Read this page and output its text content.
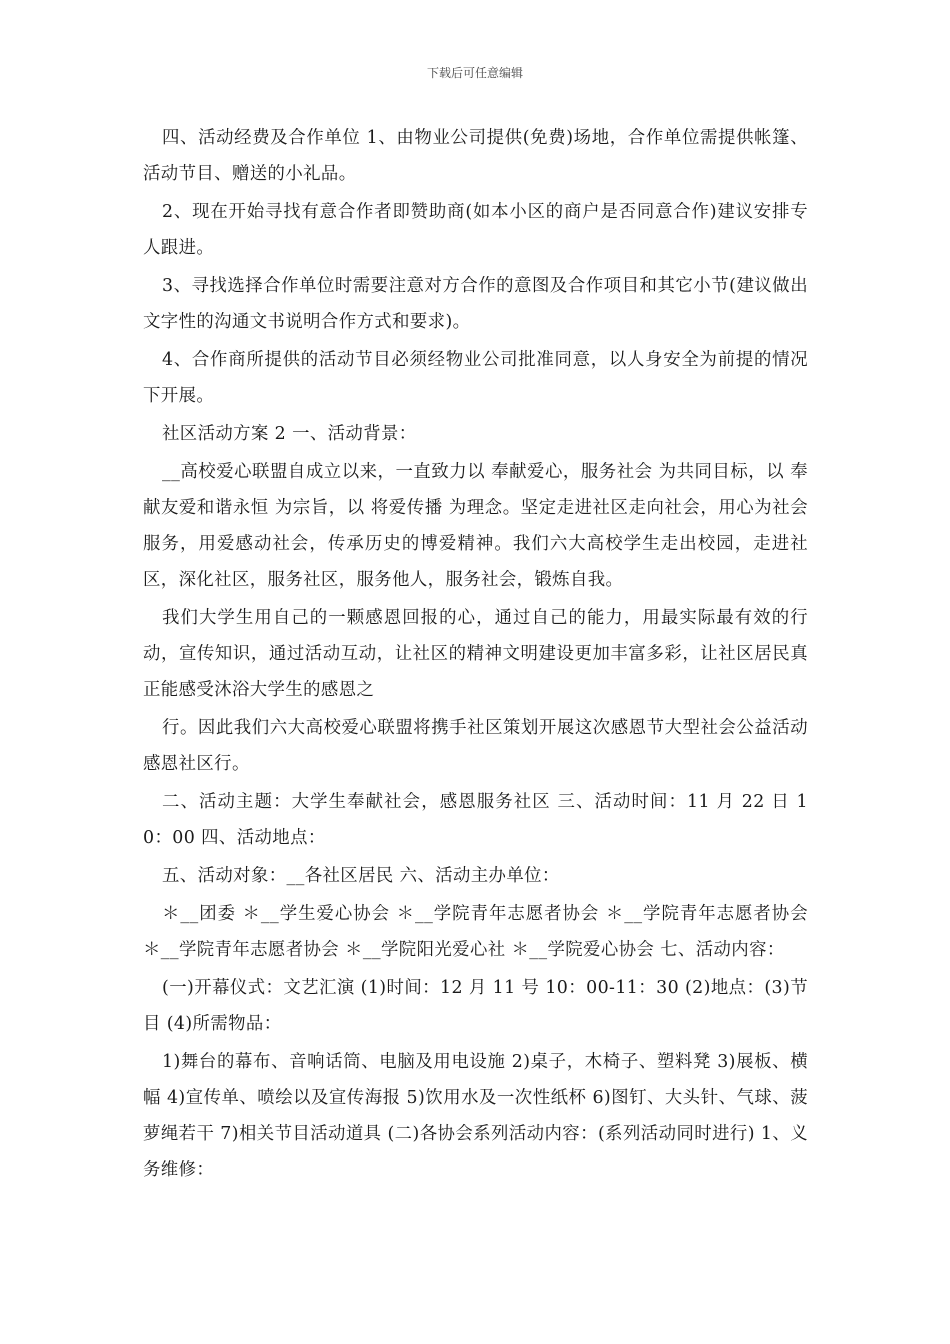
下载后可任意编辑

四、活动经费及合作单位 1、由物业公司提供(免费)场地，合作单位需提供帐篷、活动节目、赠送的小礼品。

2、现在开始寻找有意合作者即赞助商(如本小区的商户是否同意合作)建议安排专人跟进。

3、寻找选择合作单位时需要注意对方合作的意图及合作项目和其它小节(建议做出文字性的沟通文书说明合作方式和要求)。

4、合作商所提供的活动节目必须经物业公司批准同意，以人身安全为前提的情况下开展。

社区活动方案 2 一、活动背景：

__高校爱心联盟自成立以来，一直致力以 奉献爱心，服务社会 为共同目标，以 奉献友爱和谐永恒 为宗旨，以 将爱传播 为理念。坚定走进社区走向社会，用心为社会服务，用爱感动社会，传承历史的博爱精神。我们六大高校学生走出校园，走进社区，深化社区，服务社区，服务他人，服务社会，锻炼自我。

我们大学生用自己的一颗感恩回报的心，通过自己的能力，用最实际最有效的行动，宣传知识，通过活动互动，让社区的精神文明建设更加丰富多彩，让社区居民真正能感受沐浴大学生的感恩之

行。因此我们六大高校爱心联盟将携手社区策划开展这次感恩节大型社会公益活动 感恩社区行。

二、活动主题：大学生奉献社会，感恩服务社区 三、活动时间：11 月 22 日 10：00 四、活动地点：

五、活动对象：__各社区居民 六、活动主办单位：

＊__团委 ＊__学生爱心协会 ＊__学院青年志愿者协会 ＊__学院青年志愿者协会 ＊__学院青年志愿者协会 ＊__学院阳光爱心社 ＊__学院爱心协会 七、活动内容：

(一)开幕仪式：文艺汇演 (1)时间：12 月 11 号 10：00-11：30 (2)地点：(3)节目 (4)所需物品：

1)舞台的幕布、音响话筒、电脑及用电设施 2)桌子，木椅子、塑料凳 3)展板、横幅 4)宣传单、喷绘以及宣传海报 5)饮用水及一次性纸杯 6)图钉、大头针、气球、菠萝绳若干 7)相关节目活动道具 (二)各协会系列活动内容：(系列活动同时进行) 1、义务维修：
